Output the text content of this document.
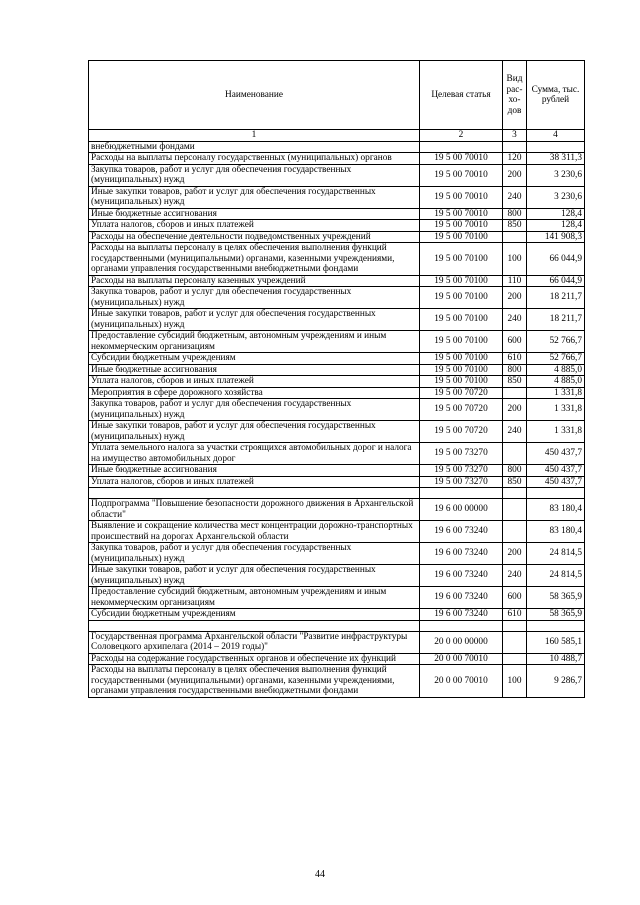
Наименование	Целевая статья	Вид рас-хо-дов	Сумма, тыс. рублей
1	2	3	4
внебюджетными фондами			
Расходы на выплаты персоналу государственных (муниципальных) органов	19 5 00 70010	120	38 311,3
Закупка товаров, работ и услуг для обеспечения государственных (муниципальных) нужд	19 5 00 70010	200	3 230,6
Иные закупки товаров, работ и услуг для обеспечения государственных (муниципальных) нужд	19 5 00 70010	240	3 230,6
Иные бюджетные ассигнования	19 5 00 70010	800	128,4
Уплата налогов, сборов и иных платежей	19 5 00 70010	850	128,4
Расходы на обеспечение деятельности подведомственных учреждений	19 5 00 70100		141 908,3
Расходы на выплаты персоналу в целях обеспечения выполнения функций государственными (муниципальными) органами, казенными учреждениями, органами управления государственными внебюджетными фондами	19 5 00 70100	100	66 044,9
Расходы на выплаты персоналу казенных учреждений	19 5 00 70100	110	66 044,9
Закупка товаров, работ и услуг для обеспечения государственных (муниципальных) нужд	19 5 00 70100	200	18 211,7
Иные закупки товаров, работ и услуг для обеспечения государственных (муниципальных) нужд	19 5 00 70100	240	18 211,7
Предоставление субсидий бюджетным, автономным учреждениям и иным некоммерческим организациям	19 5 00 70100	600	52 766,7
Субсидии бюджетным учреждениям	19 5 00 70100	610	52 766,7
Иные бюджетные ассигнования	19 5 00 70100	800	4 885,0
Уплата налогов, сборов и иных платежей	19 5 00 70100	850	4 885,0
Мероприятия в сфере дорожного хозяйства	19 5 00 70720		1 331,8
Закупка товаров, работ и услуг для обеспечения государственных (муниципальных) нужд	19 5 00 70720	200	1 331,8
Иные закупки товаров, работ и услуг для обеспечения государственных (муниципальных) нужд	19 5 00 70720	240	1 331,8
Уплата земельного налога за участки строящихся автомобильных дорог и налога на имущество автомобильных дорог	19 5 00 73270		450 437,7
Иные бюджетные ассигнования	19 5 00 73270	800	450 437,7
Уплата налогов, сборов и иных платежей	19 5 00 73270	850	450 437,7

Подпрограмма "Повышение безопасности дорожного движения в Архангельской области"	19 6 00 00000		83 180,4
Выявление и сокращение количества мест концентрации дорожно-транспортных происшествий на дорогах Архангельской области	19 6 00 73240		83 180,4
Закупка товаров, работ и услуг для обеспечения государственных (муниципальных) нужд	19 6 00 73240	200	24 814,5
Иные закупки товаров, работ и услуг для обеспечения государственных (муниципальных) нужд	19 6 00 73240	240	24 814,5
Предоставление субсидий бюджетным, автономным учреждениям и иным некоммерческим организациям	19 6 00 73240	600	58 365,9
Субсидии бюджетным учреждениям	19 6 00 73240	610	58 365,9

Государственная программа Архангельской области "Развитие инфраструктуры Соловецкого архипелага (2014 – 2019 годы)"	20 0 00 00000		160 585,1
Расходы на содержание государственных органов и обеспечение их функций	20 0 00 70010		10 488,7
Расходы на выплаты персоналу в целях обеспечения выполнения функций государственными (муниципальными) органами, казенными учреждениями, органами управления государственными внебюджетными фондами	20 0 00 70010	100	9 286,7
44
